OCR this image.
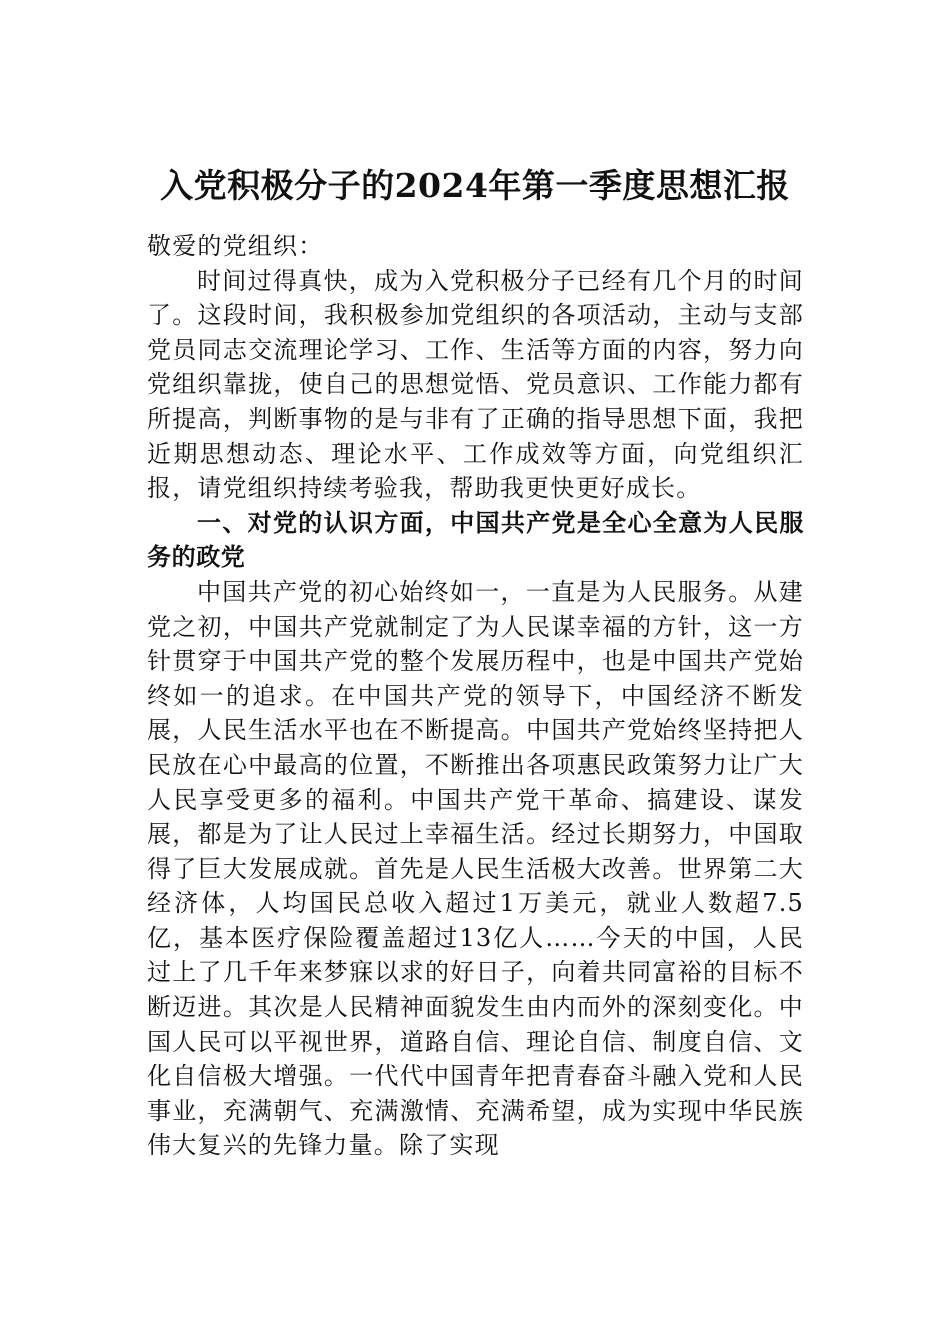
入党积极分子的2024年第一季度思想汇报

敬爱的党组织：

时间过得真快，成为入党积极分子已经有几个月的时间了。这段时间，我积极参加党组织的各项活动，主动与支部党员同志交流理论学习、工作、生活等方面的内容，努力向党组织靠拢，使自己的思想觉悟、党员意识、工作能力都有所提高，判断事物的是与非有了正确的指导思想下面，我把近期思想动态、理论水平、工作成效等方面，向党组织汇报，请党组织持续考验我，帮助我更快更好成长。

一、对党的认识方面，中国共产党是全心全意为人民服务的政党

中国共产党的初心始终如一，一直是为人民服务。从建党之初，中国共产党就制定了为人民谋幸福的方针，这一方针贯穿于中国共产党的整个发展历程中，也是中国共产党始终如一的追求。在中国共产党的领导下，中国经济不断发展，人民生活水平也在不断提高。中国共产党始终坚持把人民放在心中最高的位置，不断推出各项惠民政策努力让广大人民享受更多的福利。中国共产党干革命、搞建设、谋发展，都是为了让人民过上幸福生活。经过长期努力，中国取得了巨大发展成就。首先是人民生活极大改善。世界第二大经济体，人均国民总收入超过1万美元，就业人数超7.5亿，基本医疗保险覆盖超过13亿人……今天的中国，人民过上了几千年来梦寐以求的好日子，向着共同富裕的目标不断迈进。其次是人民精神面貌发生由内而外的深刻变化。中国人民可以平视世界，道路自信、理论自信、制度自信、文化自信极大增强。一代代中国青年把青春奋斗融入党和人民事业，充满朝气、充满激情、充满希望，成为实现中华民族伟大复兴的先锋力量。除了实现
